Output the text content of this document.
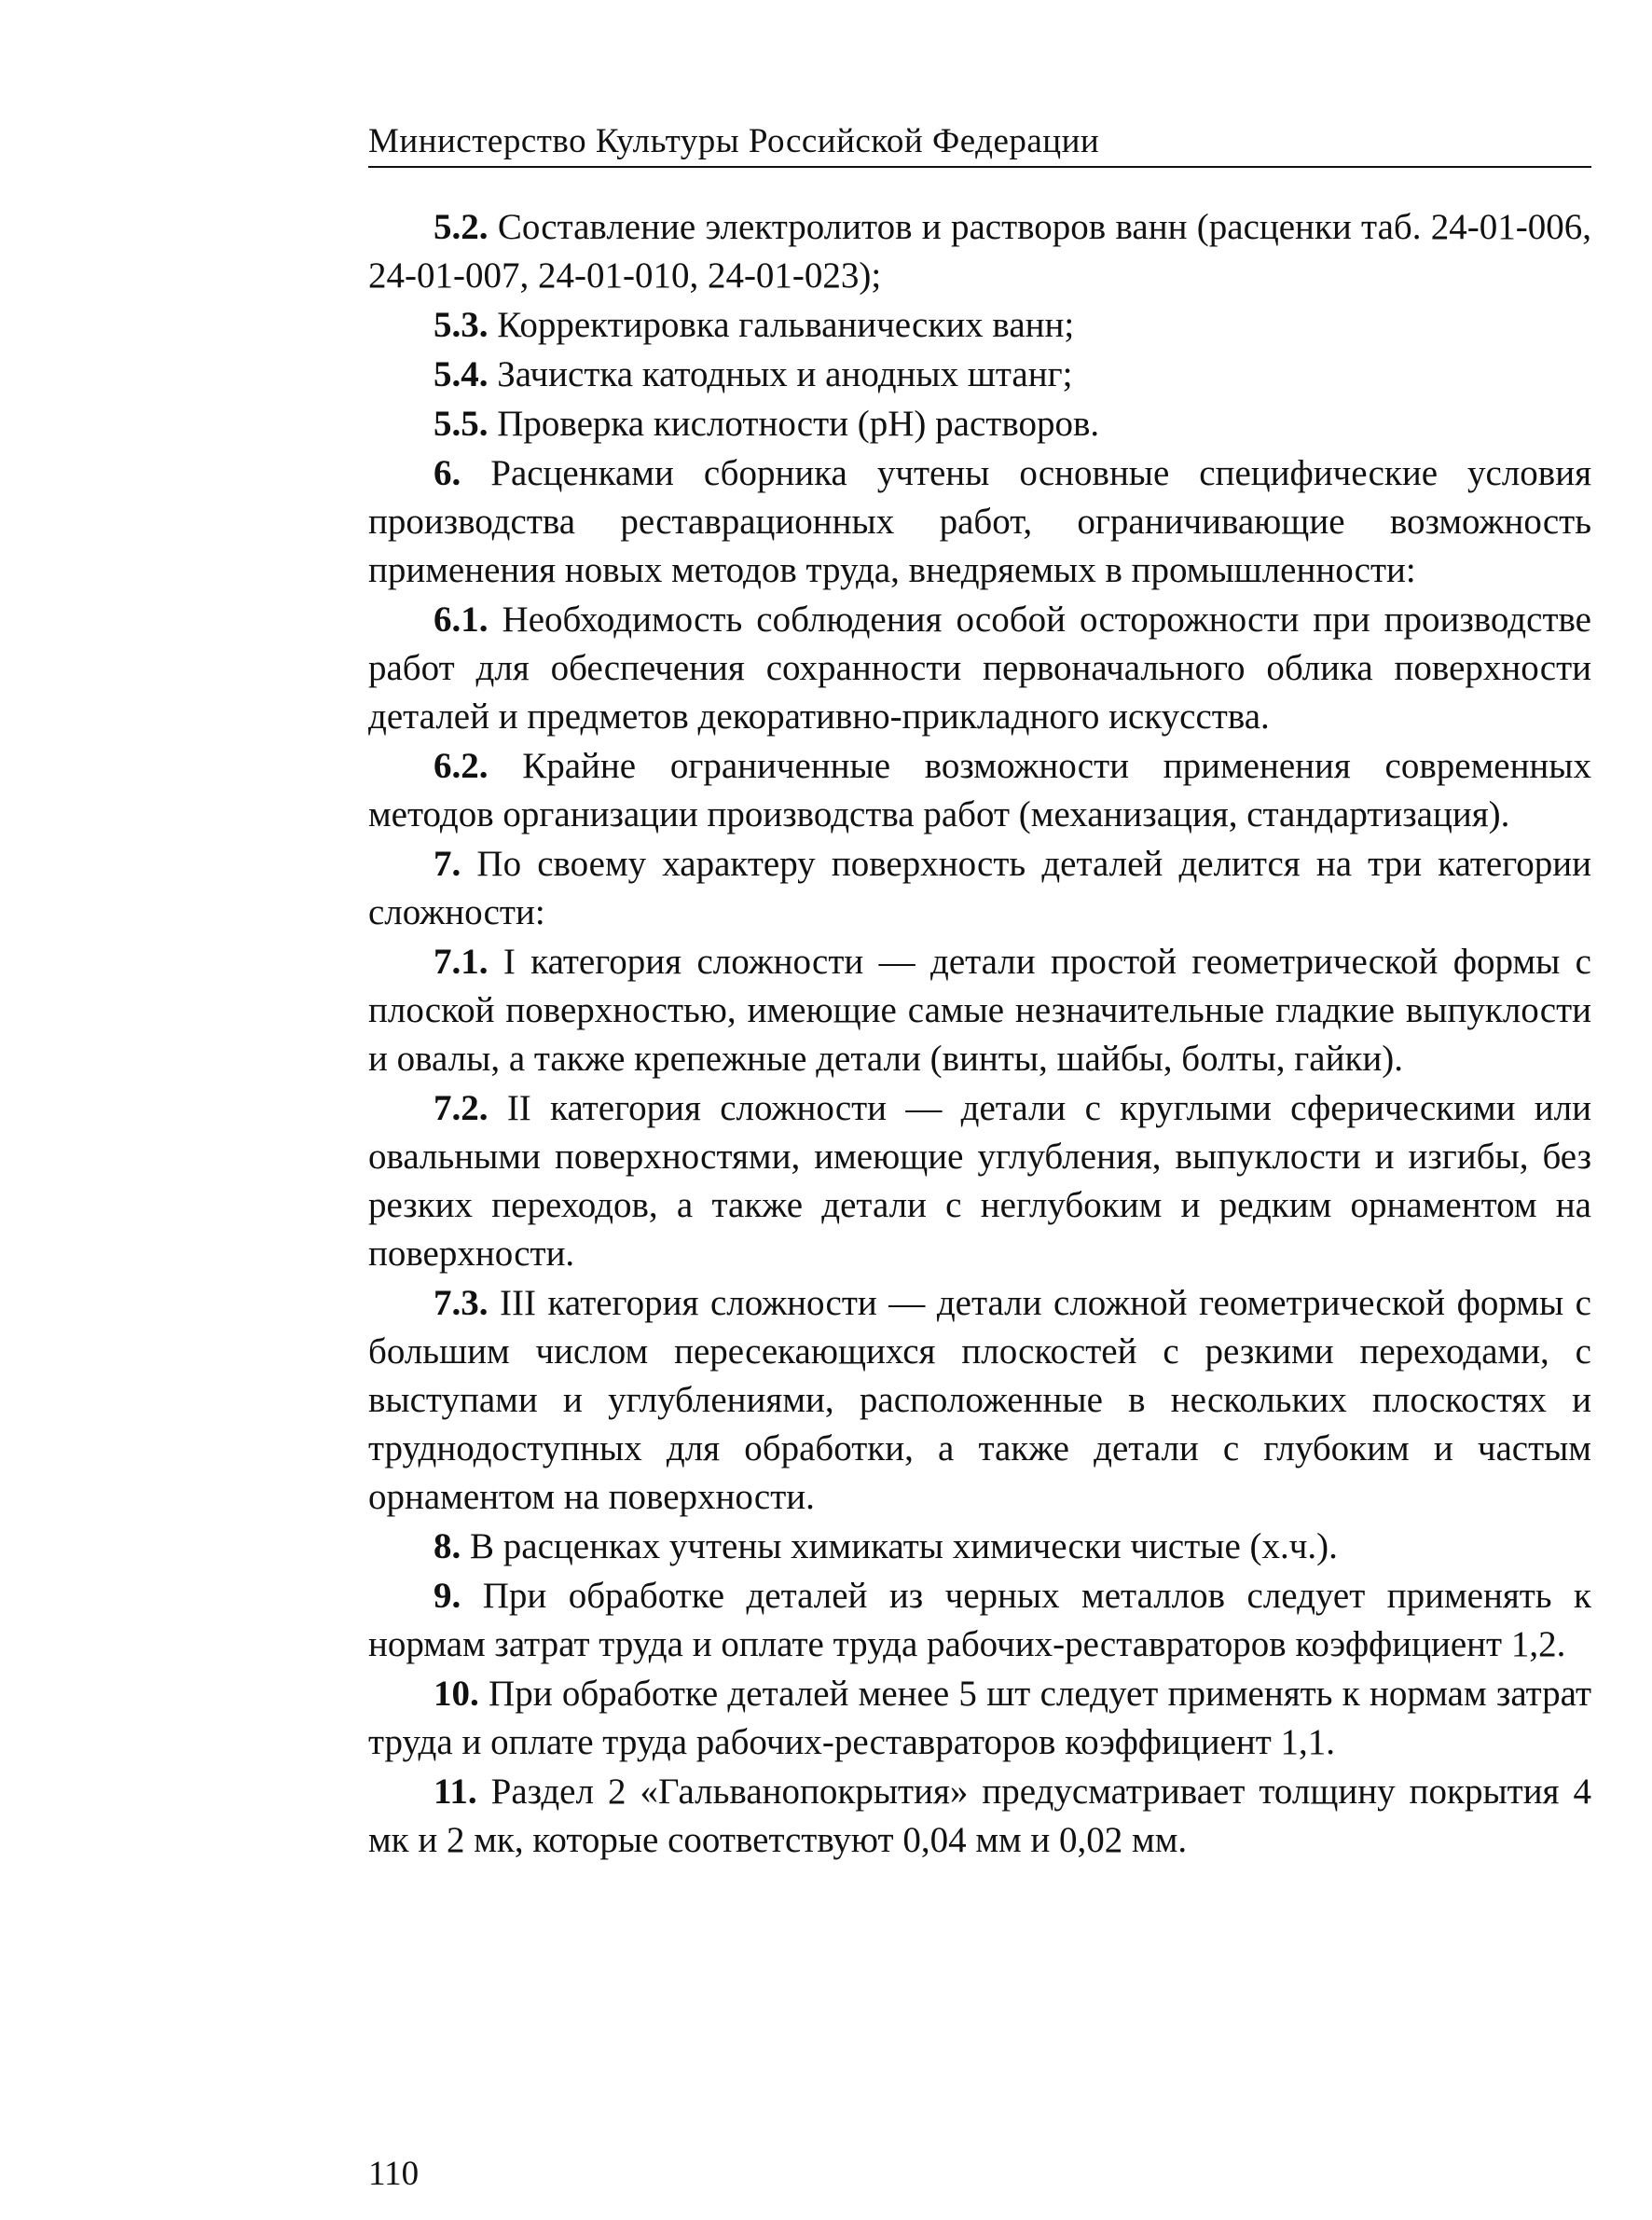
Министерство Культуры Российской Федерации

5.2. Составление электролитов и растворов ванн (расценки таб. 24-01-006, 24-01-007, 24-01-010, 24-01-023);

5.3. Корректировка гальванических ванн;

5.4. Зачистка катодных и анодных штанг;

5.5. Проверка кислотности (pH) растворов.

6. Расценками сборника учтены основные специфические условия производства реставрационных работ, ограничивающие возможность применения новых методов труда, внедряемых в промышленности:

6.1. Необходимость соблюдения особой осторожности при производстве работ для обеспечения сохранности первоначального облика поверхности деталей и предметов декоративно-прикладного искусства.

6.2. Крайне ограниченные возможности применения современных методов организации производства работ (механизация, стандартизация).

7. По своему характеру поверхность деталей делится на три категории сложности:

7.1. I категория сложности — детали простой геометрической формы с плоской поверхностью, имеющие самые незначительные гладкие выпуклости и овалы, а также крепежные детали (винты, шайбы, болты, гайки).

7.2. II категория сложности — детали с круглыми сферическими или овальными поверхностями, имеющие углубления, выпуклости и изгибы, без резких переходов, а также детали с неглубоким и редким орнаментом на поверхности.

7.3. III категория сложности — детали сложной геометрической формы с большим числом пересекающихся плоскостей с резкими переходами, с выступами и углублениями, расположенные в нескольких плоскостях и труднодоступных для обработки, а также детали с глубоким и частым орнаментом на поверхности.

8. В расценках учтены химикаты химически чистые (х.ч.).

9. При обработке деталей из черных металлов следует применять к нормам затрат труда и оплате труда рабочих-реставраторов коэффициент 1,2.

10. При обработке деталей менее 5 шт следует применять к нормам затрат труда и оплате труда рабочих-реставраторов коэффициент 1,1.

11. Раздел 2 «Гальванопокрытия» предусматривает толщину покрытия 4 мк и 2 мк, которые соответствуют 0,04 мм и 0,02 мм.

110
